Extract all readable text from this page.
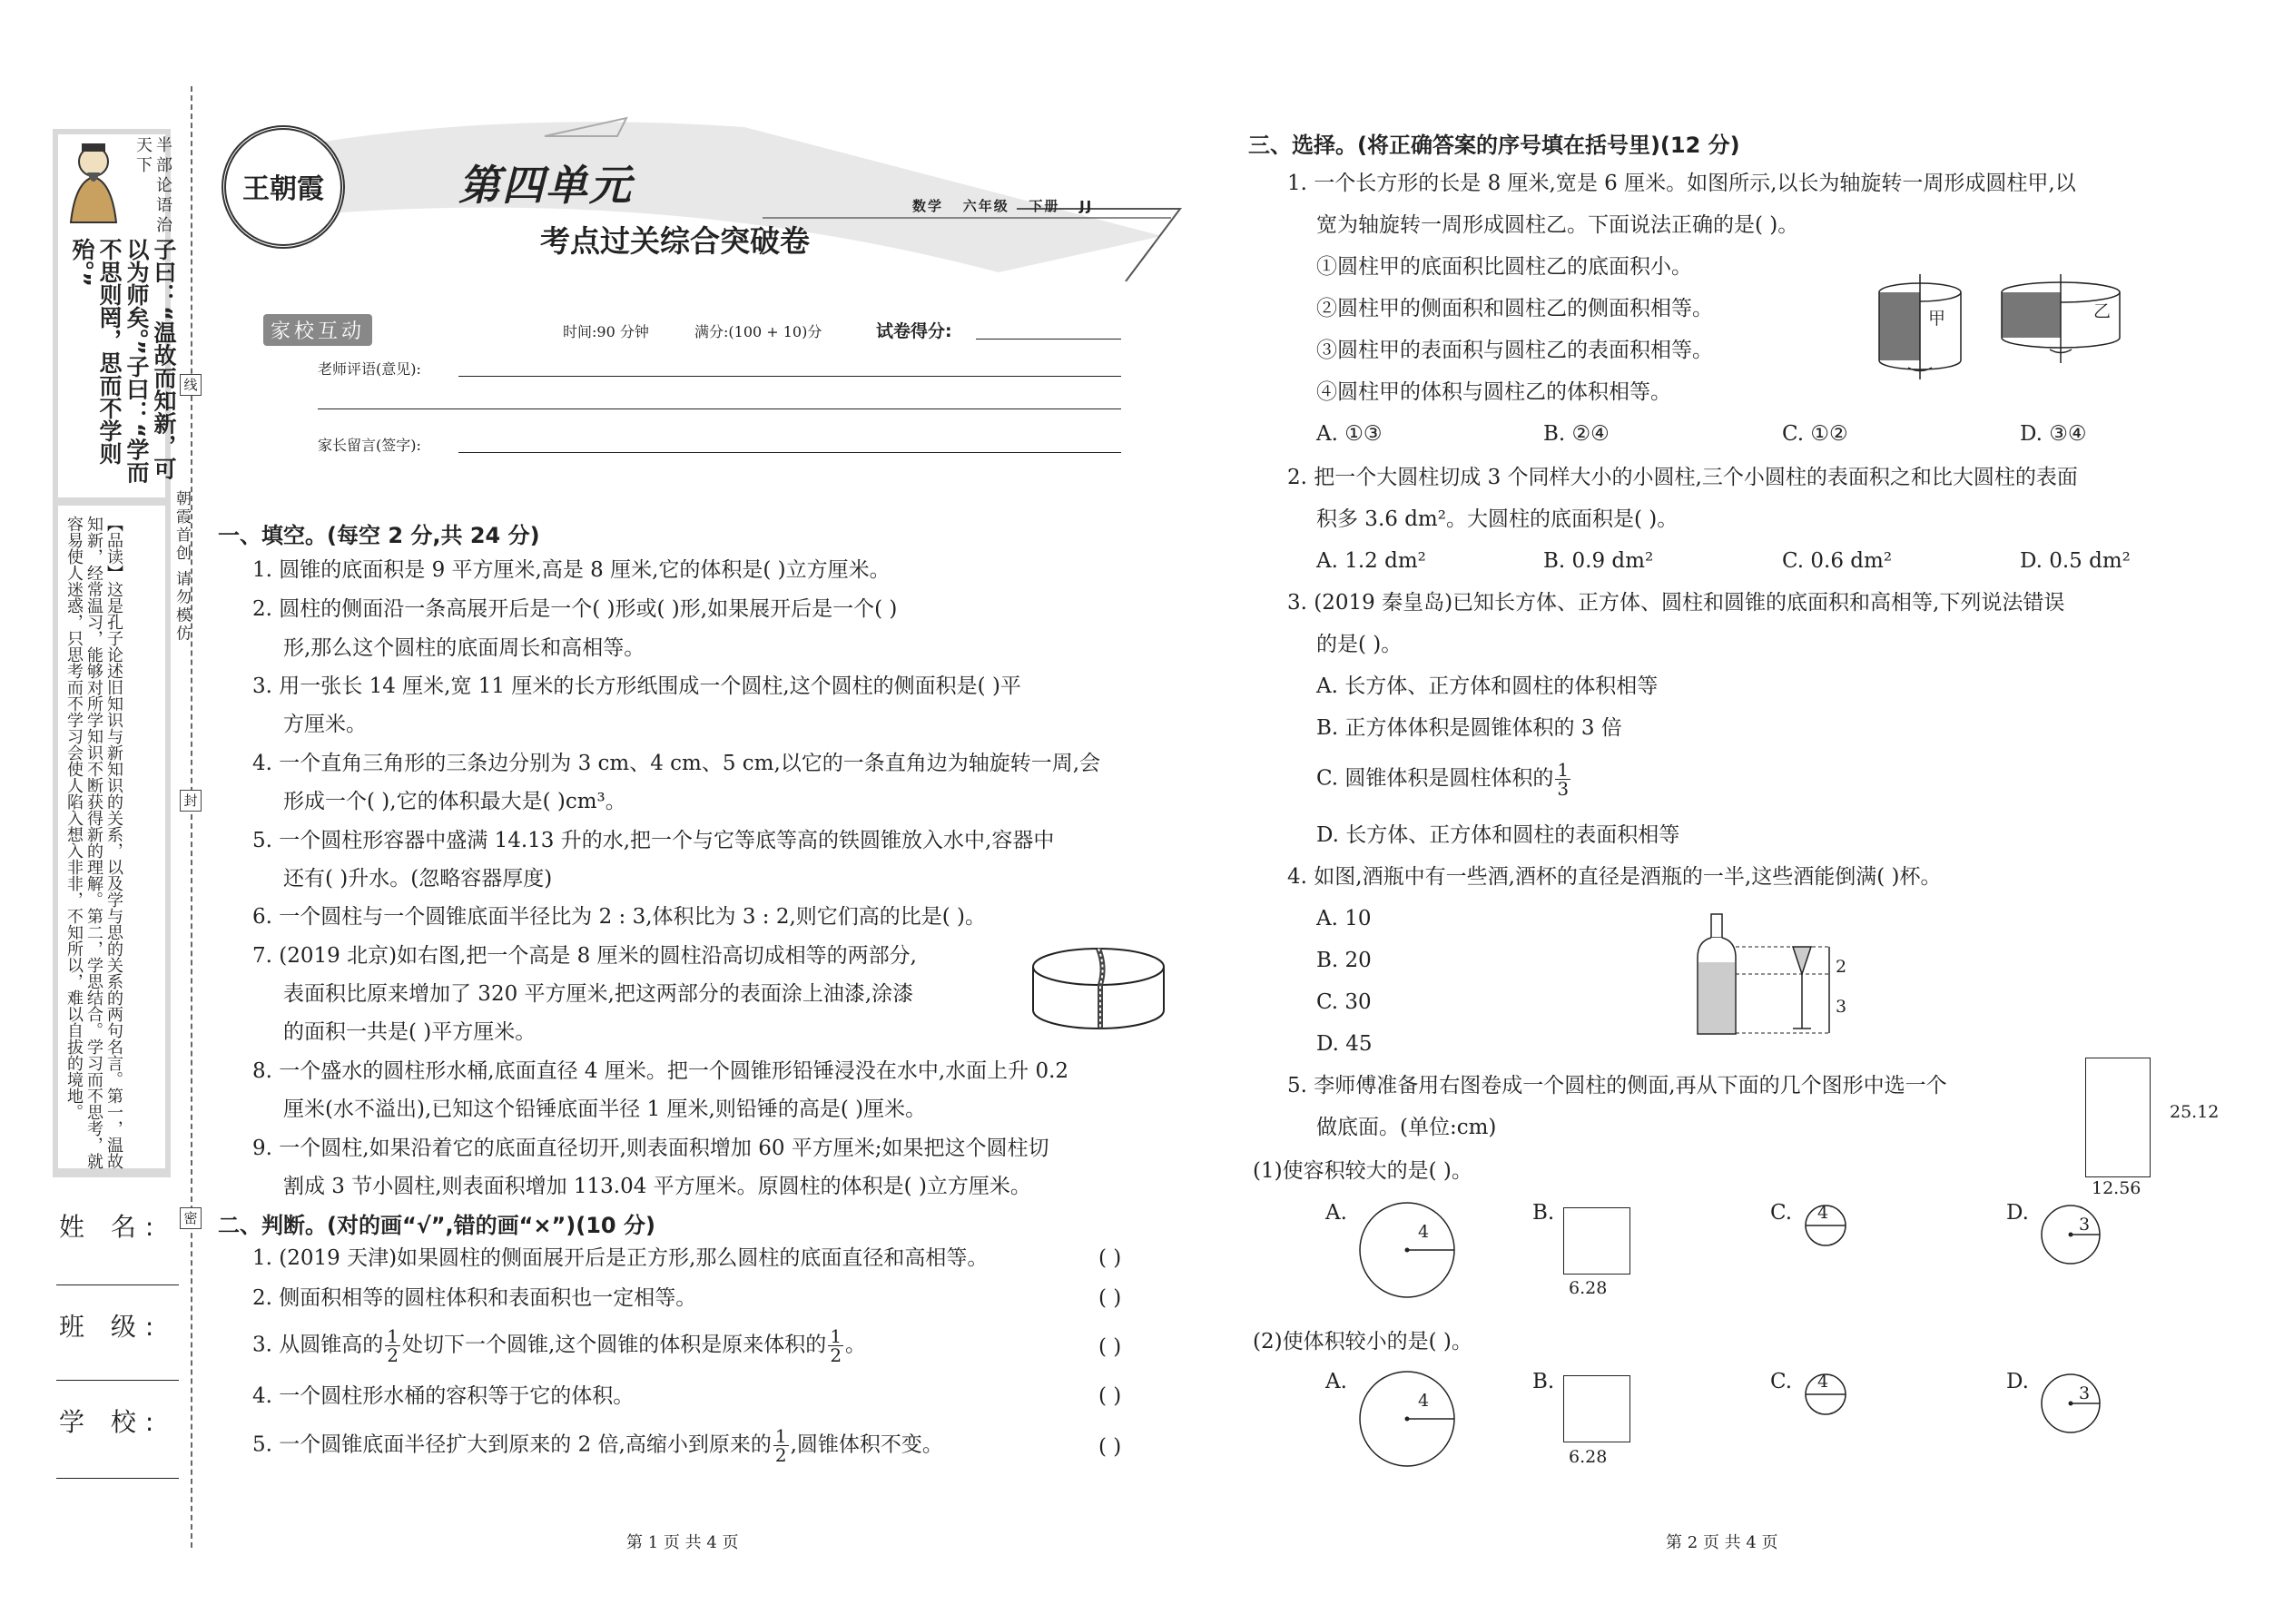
半部论语治天下
子曰：“温故而知新，可以为师矣。”子曰：“学而不思则罔，思而不学则殆。”
【品读】这是孔子论述旧知识与新知识的关系，以及学与思的关系的两句名言。第一，温故知新，经常温习，能够对所学知识不断获得新的理解。第二，学思结合。学习而不思考，就容易使人迷惑，只思考而不学习会使人陷入想入非非，不知所以，难以自拔的境地。
姓 名:
班 级:
学 校:
线
封
密
朝霞首创 请勿模仿
王朝霞	第四单元
考点过关综合突破卷
数学 六年级 下册 JJ
家校互动	时间:90 分钟	满分:(100 + 10)分	试卷得分:
老师评语(意见):
家长留言(签字):
一、填空。(每空 2 分,共 24 分)
1. 圆锥的底面积是 9 平方厘米,高是 8 厘米,它的体积是( )立方厘米。
2. 圆柱的侧面沿一条高展开后是一个( )形或( )形,如果展开后是一个( )
形,那么这个圆柱的底面周长和高相等。
3. 用一张长 14 厘米,宽 11 厘米的长方形纸围成一个圆柱,这个圆柱的侧面积是( )平
方厘米。
4. 一个直角三角形的三条边分别为 3 cm、4 cm、5 cm,以它的一条直角边为轴旋转一周,会
形成一个( ),它的体积最大是( )cm³。
5. 一个圆柱形容器中盛满 14.13 升的水,把一个与它等底等高的铁圆锥放入水中,容器中
还有( )升水。(忽略容器厚度)
6. 一个圆柱与一个圆锥底面半径比为 2 : 3,体积比为 3 : 2,则它们高的比是( )。
7. (2019 北京)如右图,把一个高是 8 厘米的圆柱沿高切成相等的两部分,
表面积比原来增加了 320 平方厘米,把这两部分的表面涂上油漆,涂漆
的面积一共是( )平方厘米。
8. 一个盛水的圆柱形水桶,底面直径 4 厘米。把一个圆锥形铅锤浸没在水中,水面上升 0.2
厘米(水不溢出),已知这个铅锤底面半径 1 厘米,则铅锤的高是( )厘米。
9. 一个圆柱,如果沿着它的底面直径切开,则表面积增加 60 平方厘米;如果把这个圆柱切
割成 3 节小圆柱,则表面积增加 113.04 平方厘米。原圆柱的体积是( )立方厘米。
二、判断。(对的画“√”,错的画“×”)(10 分)
1. (2019 天津)如果圆柱的侧面展开后是正方形,那么圆柱的底面直径和高相等。	( )
2. 侧面积相等的圆柱体积和表面积也一定相等。	( )
3. 从圆锥高的 $\frac{1}{2}$ 处切下一个圆锥,这个圆锥的体积是原来体积的 $\frac{1}{2}$ 。	( )
4. 一个圆柱形水桶的容积等于它的体积。	( )
5. 一个圆锥底面半径扩大到原来的 2 倍,高缩小到原来的 $\frac{1}{2}$ ,圆锥体积不变。	( )
第 1 页 共 4 页
三、选择。(将正确答案的序号填在括号里)(12 分)
1. 一个长方形的长是 8 厘米,宽是 6 厘米。如图所示,以长为轴旋转一周形成圆柱甲,以
宽为轴旋转一周形成圆柱乙。下面说法正确的是( )。
①圆柱甲的底面积比圆柱乙的底面积小。
②圆柱甲的侧面积和圆柱乙的侧面积相等。
③圆柱甲的表面积与圆柱乙的表面积相等。
④圆柱甲的体积与圆柱乙的体积相等。
甲	乙
A. ①③	B. ②④	C. ①②	D. ③④
2. 把一个大圆柱切成 3 个同样大小的小圆柱,三个小圆柱的表面积之和比大圆柱的表面
积多 3.6 dm²。大圆柱的底面积是( )。
A. 1.2 dm²	B. 0.9 dm²	C. 0.6 dm²	D. 0.5 dm²
3. (2019 秦皇岛)已知长方体、正方体、圆柱和圆锥的底面积和高相等,下列说法错误
的是( )。
A. 长方体、正方体和圆柱的体积相等
B. 正方体体积是圆锥体积的 3 倍
C. 圆锥体积是圆柱体积的 $\frac{1}{3}$
D. 长方体、正方体和圆柱的表面积相等
4. 如图,酒瓶中有一些酒,酒杯的直径是酒瓶的一半,这些酒能倒满( )杯。
A. 10
B. 20
C. 30
D. 45
2
3
5. 李师傅准备用右图卷成一个圆柱的侧面,再从下面的几个图形中选一个
做底面。(单位:cm)
25.12
12.56
(1)使容积较大的是( )。
(2)使体积较小的是( )。
A.
4
B.
6.28
C. 4	D.	3
A.
4
B.
6.28
C. 4	D.	3
第 2 页 共 4 页
